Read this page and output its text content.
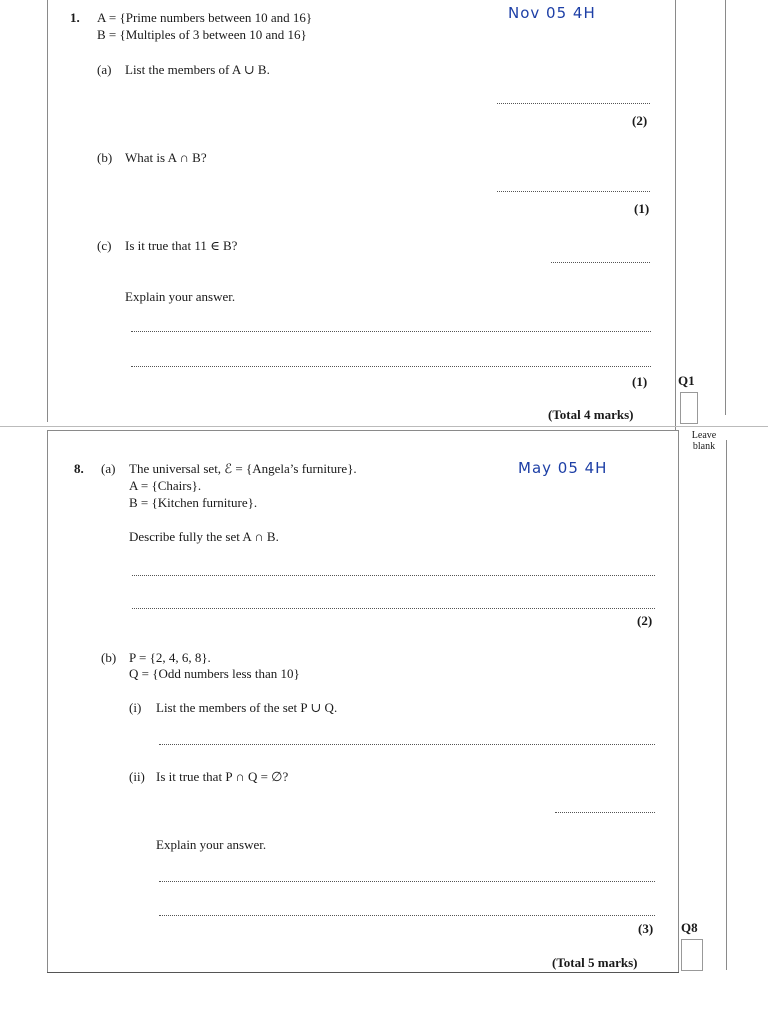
1. A = {Prime numbers between 10 and 16}
B = {Multiples of 3 between 10 and 16}
Nov 05 4H
(a) List the members of A ∪ B.
(2)
(b) What is A ∩ B?
(1)
(c) Is it true that 11 ∈ B?
Explain your answer.
(1)
(Total 4 marks)
Q1
Leave blank
8. (a) The universal set, ℰ = {Angela’s furniture}.
A = {Chairs}.
B = {Kitchen furniture}.
May 05 4H
Describe fully the set A ∩ B.
(2)
(b) P = {2, 4, 6, 8}.
Q = {Odd numbers less than 10}
(i) List the members of the set P ∪ Q.
(ii) Is it true that P ∩ Q = ∅?
Explain your answer.
(3)
(Total 5 marks)
Q8
